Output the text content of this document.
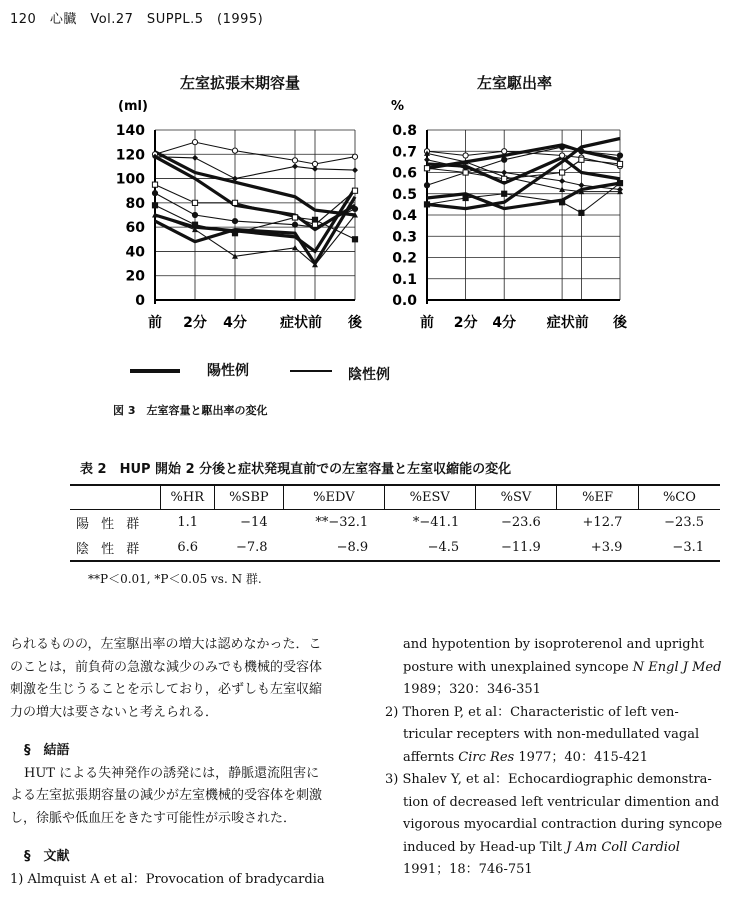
120　心臓　Vol.27　SUPPL.5　(1995)
左室拡張末期容量	左室駆出率
(ml)
0
20
40
60
80
100
120
140
前 2分 4分 症状前 後
%
0.0
0.1
0.2
0.3
0.4
0.5
0.6
0.7
0.8
前 2分 4分 症状前 後
陽性例	陰性例
図 3　左室容量と駆出率の変化
表 2　HUP 開始 2 分後と症状発現直前での左室容量と左室収縮能の変化
	%HR	%SBP	%EDV	%ESV	%SV	%EF	%CO
陽 性 群	1.1	−14	**−32.1	*−41.1	−23.6	+12.7	−23.5
陰 性 群	6.6	−7.8	−8.9	−4.5	−11.9	+3.9	−3.1
**P＜0.01, *P＜0.05 vs. N 群.

られるものの，左室駆出率の増大は認めなかった．こ

のことは，前負荷の急激な減少のみでも機械的受容体

刺激を生じうることを示しており，必ずしも左室収縮

力の増大は要さないと考えられる．

§　結語

HUT による失神発作の誘発には，静脈還流阻害に

よる左室拡張期容量の減少が左室機械的受容体を刺激

し，徐脈や低血圧をきたす可能性が示唆された．

§　文献

1) Almquist A et al：Provocation of bradycardia

and hypotention by isoproterenol and upright

posture with unexplained syncope N Engl J Med

1989；320：346-351

2) Thoren P, et al：Characteristic of left ven-

tricular recepters with non-medullated vagal

affernts Circ Res 1977；40：415-421

3) Shalev Y, et al：Echocardiographic demonstra-

tion of decreased left ventricular dimention and

vigorous myocardial contraction during syncope

induced by Head-up Tilt J Am Coll Cardiol

1991；18：746-751
